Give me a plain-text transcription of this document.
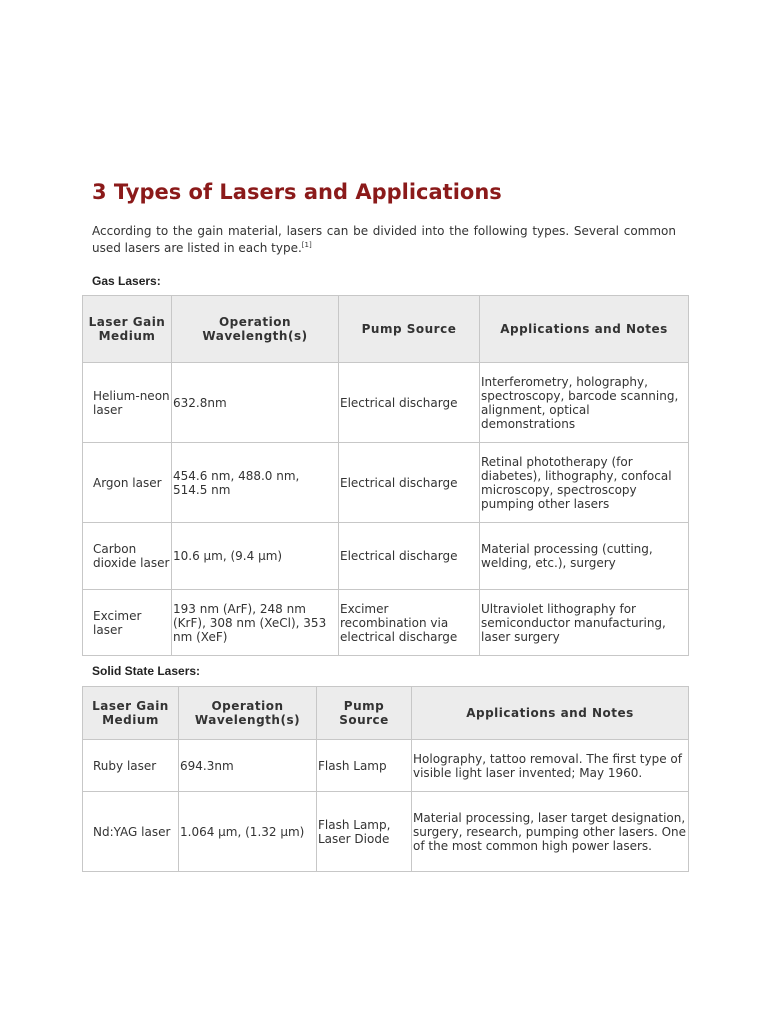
3 Types of Lasers and Applications

According to the gain material, lasers can be divided into the following types. Several common used lasers are listed in each type.[1]

Gas Lasers:

Laser Gain Medium	Operation Wavelength(s)	Pump Source	Applications and Notes
Helium-neon laser	632.8nm	Electrical discharge	Interferometry, holography, spectroscopy, barcode scanning, alignment, optical demonstrations
Argon laser	454.6 nm, 488.0 nm, 514.5 nm	Electrical discharge	Retinal phototherapy (for diabetes), lithography, confocal microscopy, spectroscopy pumping other lasers
Carbon dioxide laser	10.6 µm, (9.4 µm)	Electrical discharge	Material processing (cutting, welding, etc.), surgery
Excimer laser	193 nm (ArF), 248 nm (KrF), 308 nm (XeCl), 353 nm (XeF)	Excimer recombination via electrical discharge	Ultraviolet lithography for semiconductor manufacturing, laser surgery

Solid State Lasers:

Laser Gain Medium	Operation Wavelength(s)	Pump Source	Applications and Notes
Ruby laser	694.3nm	Flash Lamp	Holography, tattoo removal. The first type of visible light laser invented; May 1960.
Nd:YAG laser	1.064 µm, (1.32 µm)	Flash Lamp, Laser Diode	Material processing, laser target designation, surgery, research, pumping other lasers. One of the most common high power lasers.
